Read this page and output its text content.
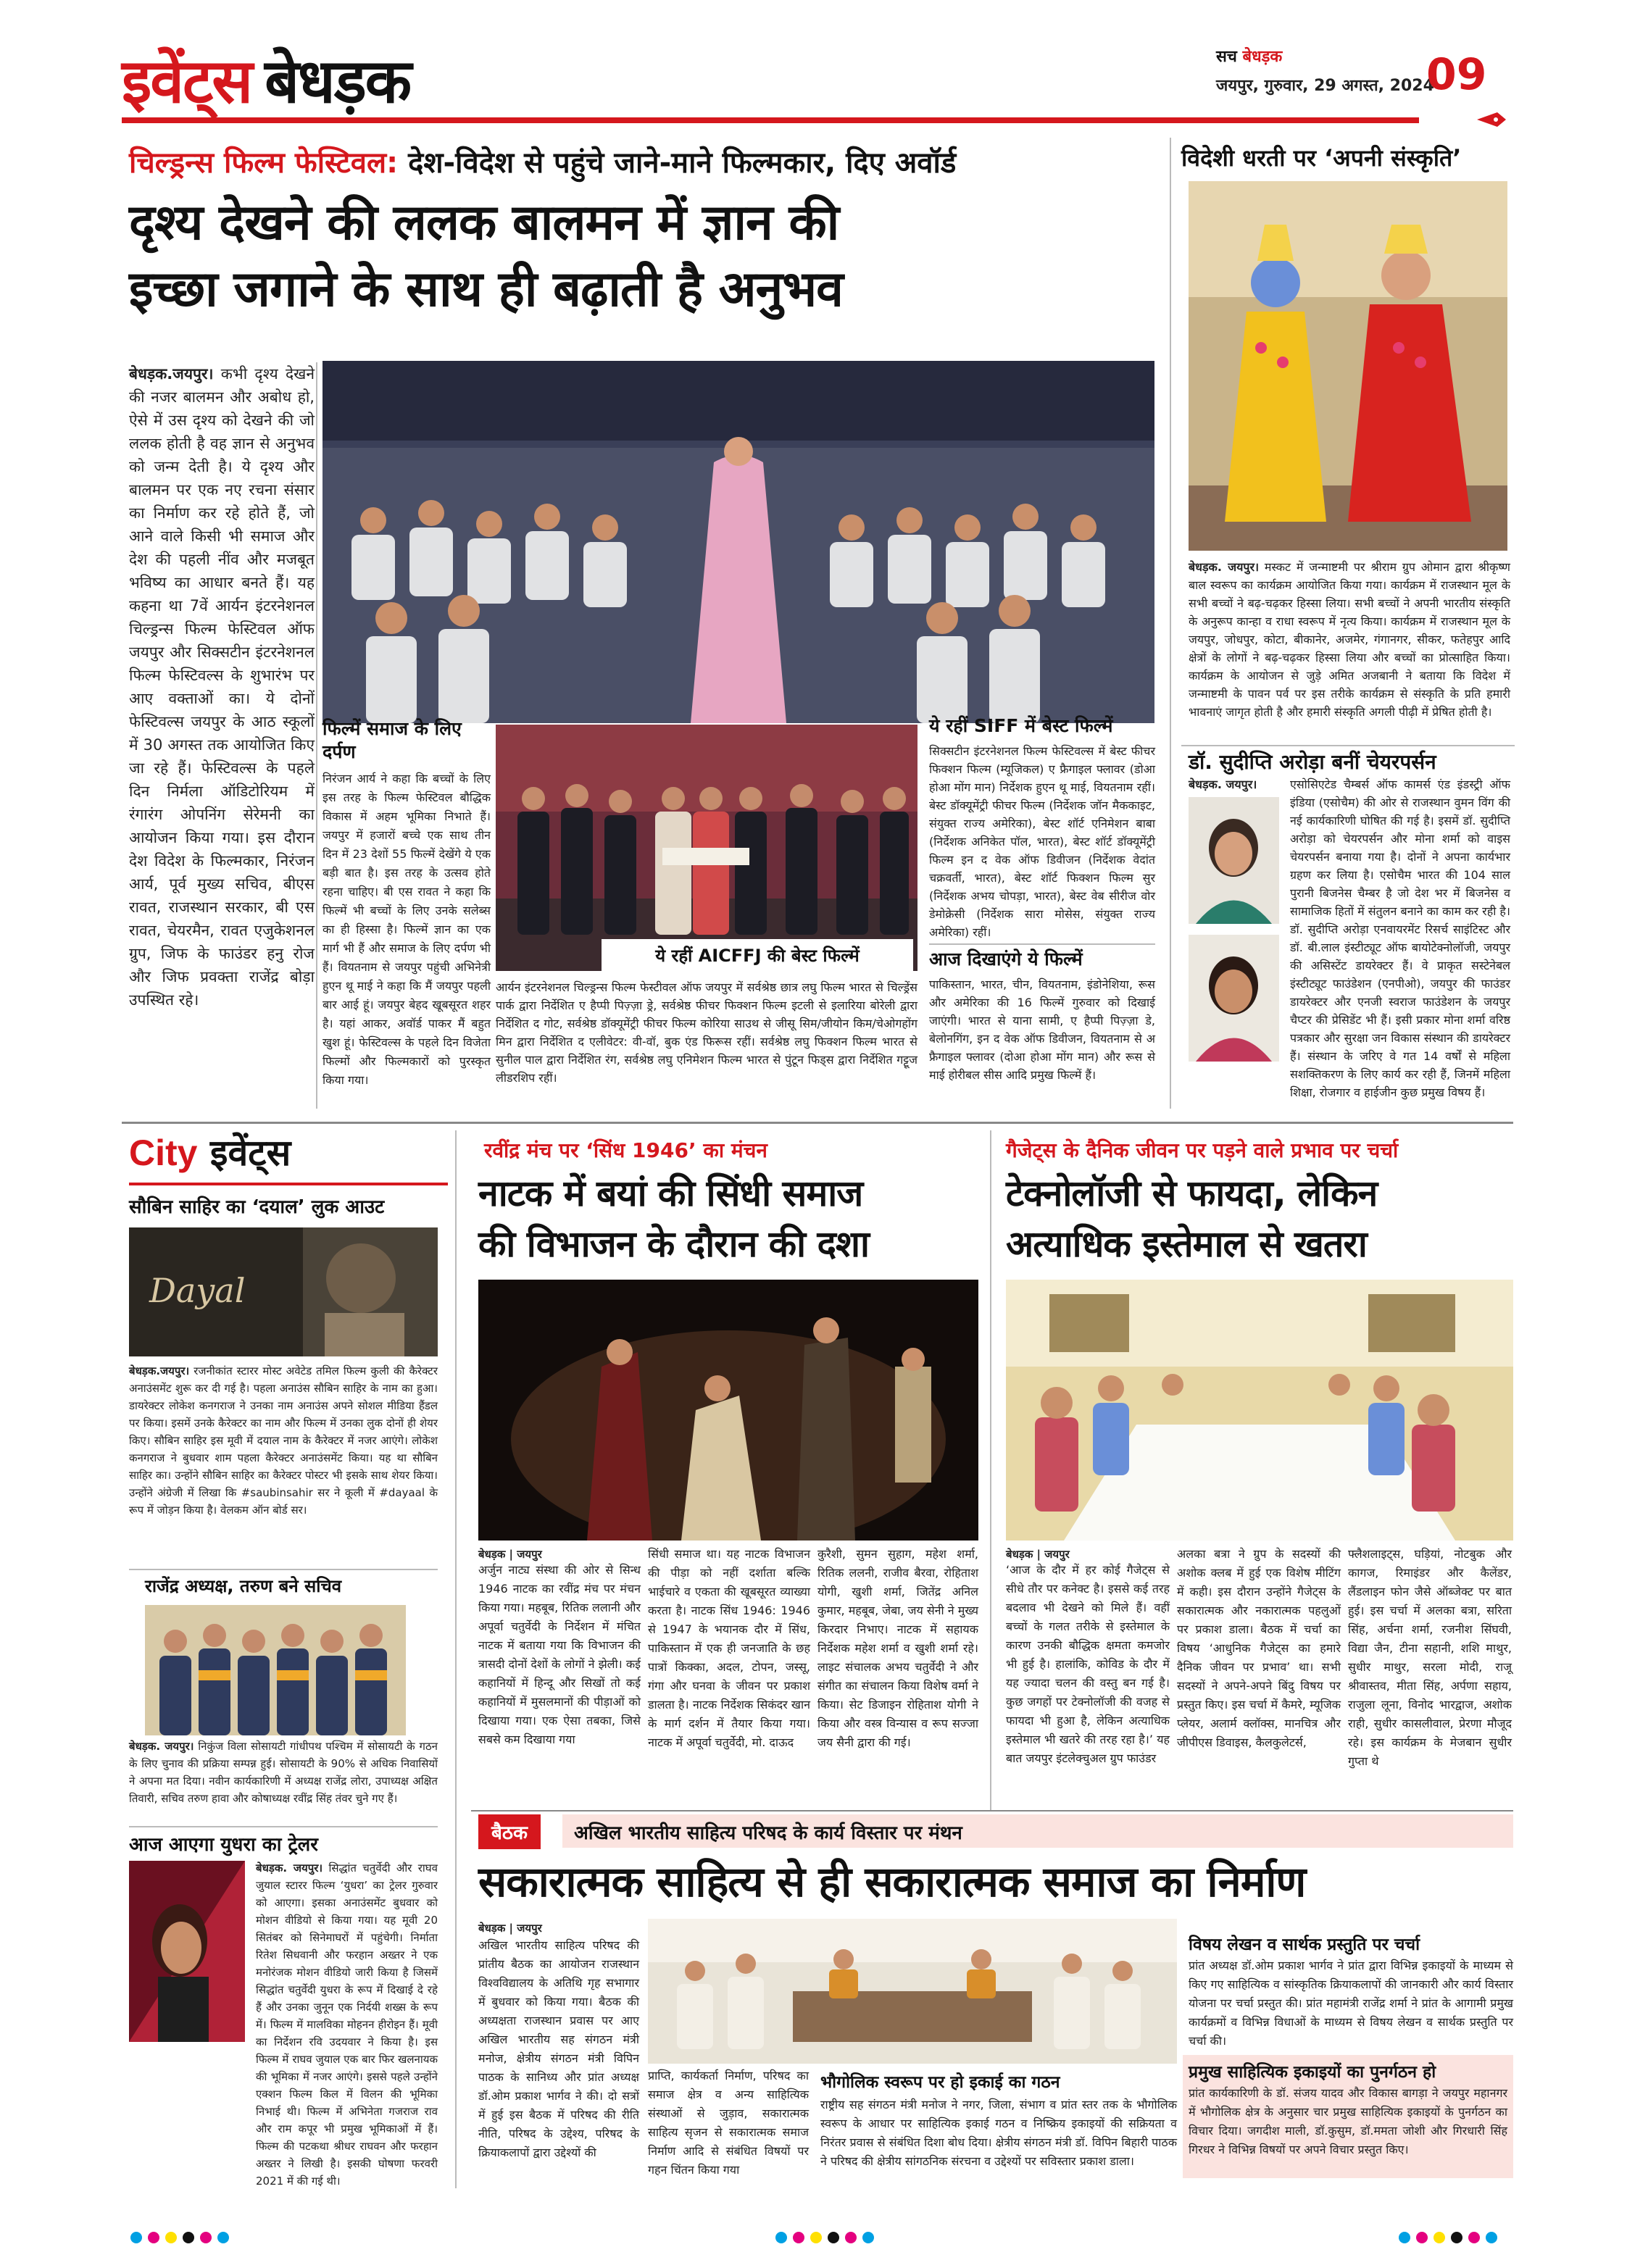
इवेंट्स बेधड़क	सच बेधड़क
जयपुर, गुरुवार, 29 अगस्त, 2024
09
चिल्ड्रन्स फिल्म फेस्टिवल: देश-विदेश से पहुंचे जाने-माने फिल्मकार, दिए अवॉर्ड
दृश्य देखने की ललक बालमन में ज्ञान की
इच्छा जगाने के साथ ही बढ़ाती है अनुभव
बेधड़क.जयपुर। कभी दृश्य देखने की नजर बालमन और अबोध हो, ऐसे में उस दृश्य को देखने की जो ललक होती है वह ज्ञान से अनुभव को जन्म देती है। ये दृश्य और बालमन पर एक नए रचना संसार का निर्माण कर रहे होते हैं, जो आने वाले किसी भी समाज और देश की पहली नींव और मजबूत भविष्य का आधार बनते हैं। यह कहना था 7वें आर्यन इंटरनेशनल चिल्ड्रन्स फिल्म फेस्टिवल ऑफ जयपुर और सिक्सटीन इंटरनेशनल फिल्म फेस्टिवल्स के शुभारंभ पर आए वक्ताओं का। ये दोनों फेस्टिवल्स जयपुर के आठ स्कूलों में 30 अगस्त तक आयोजित किए जा रहे हैं। फेस्टिवल्स के पहले दिन निर्मला ऑडिटोरियम में रंगारंग ओपनिंग सेरेमनी का आयोजन किया गया। इस दौरान देश विदेश के फिल्मकार, निरंजन आर्य, पूर्व मुख्य सचिव, बीएस रावत, राजस्थान सरकार, बी एस रावत, चेयरमैन, रावत एजुकेशनल ग्रुप, जिफ के फाउंडर हनु रोज और जिफ प्रवक्ता राजेंद्र बोड़ा उपस्थित रहे।
फिल्में समाज के लिए दर्पण
निरंजन आर्य ने कहा कि बच्चों के लिए इस तरह के फिल्म फेस्टिवल बौद्धिक विकास में अहम भूमिका निभाते हैं। जयपुर में हजारों बच्चे एक साथ तीन दिन में 23 देशों 55 फिल्में देखेंगे ये एक बड़ी बात है। इस तरह के उत्सव होते रहना चाहिए। बी एस रावत ने कहा कि फिल्में भी बच्चों के लिए उनके सलेब्स का ही हिस्सा है। फिल्में ज्ञान का एक मार्ग भी हैं और समाज के लिए दर्पण भी हैं। वियतनाम से जयपुर पहुंची अभिनेत्री हुएन थू माई ने कहा कि मैं जयपुर पहली बार आई हूं। जयपुर बेहद खूबसूरत शहर है। यहां आकर, अवॉर्ड पाकर मैं बहुत खुश हूं। फेस्टिवल्स के पहले दिन विजेता फिल्मों और फिल्मकारों को पुरस्कृत किया गया।
ये रहीं AICFFJ की बेस्ट फिल्में
आर्यन इंटरनेशनल चिल्ड्रन्स फिल्म फेस्टीवल ऑफ जयपुर में सर्वश्रेष्ठ छात्र लघु फिल्म भारत से चिल्ड्रेंस पार्क द्वारा निर्देशित ए हैप्पी पिज़्ज़ा ड्रे, सर्वश्रेष्ठ फीचर फिक्शन फिल्म इटली से इलारिया बोरेली द्वारा निर्देशित द गोट, सर्वश्रेष्ठ डॉक्यूमेंट्री फीचर फिल्म कोरिया साउथ से जीसू सिम/जीयोन किम/चेओगहोंग मिन द्वारा निर्देशित द एलीवेटर: वी-वॉ, बुक एंड फिरूस रहीं। सर्वश्रेष्ठ लघु फिक्शन फिल्म भारत से सुनील पाल द्वारा निर्देशित रंग, सर्वश्रेष्ठ लघु एनिमेशन फिल्म भारत से पुंटून फिड्स द्वारा निर्देशित गट्टूज लीडरशिप रहीं।
ये रहीं SIFF में बेस्ट फिल्में
सिक्सटीन इंटरनेशनल फिल्म फेस्टिवल्स में बेस्ट फीचर फिक्शन फिल्म (म्यूजिकल) ए फ्रैगाइल फ्लावर (डोआ होआ मोंग मान) निर्देशक हुएन थू माई, वियतनाम रहीं। बेस्ट डॉक्यूमेंट्री फीचर फिल्म (निर्देशक जॉन मैककाइट, संयुक्त राज्य अमेरिका), बेस्ट शॉर्ट एनिमेशन बाबा (निर्देशक अनिकेत पॉल, भारत), बेस्ट शॉर्ट डॉक्यूमेंट्री फिल्म इन द वेक ऑफ डिवीजन (निर्देशक वेदांत चक्रवर्ती, भारत), बेस्ट शॉर्ट फिक्शन फिल्म सुर (निर्देशक अभय चोपड़ा, भारत), बेस्ट वेब सीरीज वोर डेमोक्रेसी (निर्देशक सारा मोसेस, संयुक्त राज्य अमेरिका) रहीं।
आज दिखाएंगे ये फिल्में
पाकिस्तान, भारत, चीन, वियतनाम, इंडोनेशिया, रूस और अमेरिका की 16 फिल्में गुरुवार को दिखाई जाएंगी। भारत से याना सामी, ए हैप्पी पिज़्ज़ा डे, बेलोनगिंग, इन द वेक ऑफ डिवीजन, वियतनाम से अ फ्रैगाइल फ्लावर (दोआ होआ मोंग मान) और रूस से माई होरीबल सीस आदि प्रमुख फिल्में हैं।
विदेशी धरती पर ‘अपनी संस्कृति’
बेधड़क. जयपुर। मस्कट में जन्माष्टमी पर श्रीराम ग्रुप ओमान द्वारा श्रीकृष्ण बाल स्वरूप का कार्यक्रम आयोजित किया गया। कार्यक्रम में राजस्थान मूल के सभी बच्चों ने बढ़-चढ़कर हिस्सा लिया। सभी बच्चों ने अपनी भारतीय संस्कृति के अनुरूप कान्हा व राधा स्वरूप में नृत्य किया। कार्यक्रम में राजस्थान मूल के जयपुर, जोधपुर, कोटा, बीकानेर, अजमेर, गंगानगर, सीकर, फतेहपुर आदि क्षेत्रों के लोगों ने बढ़-चढ़कर हिस्सा लिया और बच्चों का प्रोत्साहित किया। कार्यक्रम के आयोजन से जुड़े अमित अजबानी ने बताया कि विदेश में जन्माष्टमी के पावन पर्व पर इस तरीके कार्यक्रम से संस्कृति के प्रति हमारी भावनाएं जागृत होती है और हमारी संस्कृति अगली पीढ़ी में प्रेषित होती है।
डॉ. सुदीप्ति अरोड़ा बनीं चेयरपर्सन
बेधड़क. जयपुर।	एसोसिएटेड चैम्बर्स ऑफ कामर्स एंड इंडस्ट्री ऑफ इंडिया (एसोचैम) की ओर से राजस्थान वुमन विंग की नई कार्यकारिणी घोषित की गई है। इसमें डॉ. सुदीप्ति अरोड़ा को चेयरपर्सन और मोना शर्मा को वाइस चेयरपर्सन बनाया गया है। दोनों ने अपना कार्यभार ग्रहण कर लिया है। एसोचैम भारत की 104 साल पुरानी बिजनेस चैम्बर है जो देश भर में बिजनेस व सामाजिक हितों में संतुलन बनाने का काम कर रही है। डॉ. सुदीप्ति अरोड़ा एनवायरमेंट रिसर्च साइंटिस्ट और डॉ. बी.लाल इंस्टीट्यूट ऑफ बायोटेक्नोलॉजी, जयपुर की असिस्टेंट डायरेक्टर हैं। वे प्राकृत सस्टेनेबल इंस्टीट्यूट फाउंडेशन (एनपीओ), जयपुर की फाउंडर डायरेक्टर और एनजी स्वराज फाउंडेशन के जयपुर चैप्टर की प्रेसिडेंट भी हैं। इसी प्रकार मोना शर्मा वरिष्ठ पत्रकार और सुरक्षा जन विकास संस्थान की डायरेक्टर हैं। संस्थान के जरिए वे गत 14 वर्षों से महिला सशक्तिकरण के लिए कार्य कर रही हैं, जिनमें महिला शिक्षा, रोजगार व हाईजीन कुछ प्रमुख विषय हैं।
City इवेंट्स
सौबिन साहिर का ‘दयाल’ लुक आउट
Dayal
बेधड़क.जयपुर। रजनीकांत स्टारर मोस्ट अवेटेड तमिल फिल्म कुली की कैरेक्टर अनाउंसमेंट शुरू कर दी गई है। पहला अनाउंस सौबिन साहिर के नाम का हुआ। डायरेक्टर लोकेश कनगराज ने उनका नाम अनाउंस अपने सोशल मीडिया हैंडल पर किया। इसमें उनके कैरेक्टर का नाम और फिल्म में उनका लुक दोनों ही शेयर किए। सौबिन साहिर इस मूवी में दयाल नाम के कैरेक्टर में नजर आएंगे। लोकेश कनगराज ने बुधवार शाम पहला कैरेक्टर अनाउंसमेंट किया। यह था सौबिन साहिर का। उन्होंने सौबिन साहिर का कैरेक्टर पोस्टर भी इसके साथ शेयर किया। उन्होंने अंग्रेजी में लिखा कि #saubinsahir सर ने कूली में #dayaal के रूप में जोड़न किया है। वेलकम ऑन बोर्ड सर।
राजेंद्र अध्यक्ष, तरुण बने सचिव
बेधड़क. जयपुर। निकुंज विला सोसायटी गांधीपथ पश्चिम में सोसायटी के गठन के लिए चुनाव की प्रक्रिया सम्पन्न हुई। सोसायटी के 90% से अधिक निवासियों ने अपना मत दिया। नवीन कार्यकारिणी में अध्यक्ष राजेंद्र लोरा, उपाध्यक्ष अक्षित तिवारी, सचिव तरुण हावा और कोषाध्यक्ष रवींद्र सिंह तंवर चुने गए हैं।
आज आएगा युधरा का ट्रेलर
बेधड़क. जयपुर। सिद्धांत चतुर्वेदी और राघव जुयाल स्टारर फिल्म ‘युधरा’ का ट्रेलर गुरुवार को आएगा। इसका अनाउंसमेंट बुधवार को मोशन वीडियो से किया गया। यह मूवी 20 सितंबर को सिनेमाघरों में पहुंचेगी। निर्माता रितेश सिधवानी और फरहान अख्तर ने एक मनोरंजक मोशन वीडियो जारी किया है जिसमें सिद्धांत चतुर्वेदी युधरा के रूप में दिखाई दे रहे हैं और उनका जुनून एक निर्दयी शख्स के रूप में। फिल्म में मालविका मोहनन हीरोइन हैं। मूवी का निर्देशन रवि उदयवार ने किया है। इस फिल्म में राघव जुयाल एक बार फिर खलनायक की भूमिका में नजर आएंगे। इससे पहले उन्होंने एक्शन फिल्म किल में विलन की भूमिका निभाई थी। फिल्म में अभिनेता गजराज राव और राम कपूर भी प्रमुख भूमिकाओं में हैं। फिल्म की पटकथा श्रीधर राघवन और फरहान अख्तर ने लिखी है। इसकी घोषणा फरवरी 2021 में की गई थी।
रवींद्र मंच पर ‘सिंध 1946’ का मंचन
नाटक में बयां की सिंधी समाज
की विभाजन के दौरान की दशा
बेधड़क | जयपुर
अर्जुन नाट्य संस्था की ओर से सिन्ध 1946 नाटक का रवींद्र मंच पर मंचन किया गया। महबूब, रितिक ललानी और अपूर्वा चतुर्वेदी के निर्देशन में मंचित नाटक में बताया गया कि विभाजन की त्रासदी दोनों देशों के लोगों ने झेली। कई कहानियों में हिन्दू और सिखों तो कई कहानियों में मुसलमानों की पीड़ाओं को दिखाया गया। एक ऐसा तबका, जिसे सबसे कम दिखाया गया
सिंधी समाज था। यह नाटक विभाजन की पीड़ा को नहीं दर्शाता बल्कि भाईचारे व एकता की खूबसूरत व्याख्या करता है। नाटक सिंध 1946: 1946 से 1947 के भयानक दौर में सिंध, पाकिस्तान में एक ही जनजाति के छह पात्रों किक्का, अदल, टोपन, जस्सू, गंगा और घनवा के जीवन पर प्रकाश डालता है। नाटक निर्देशक सिकंदर खान के मार्ग दर्शन में तैयार किया गया। नाटक में अपूर्वा चतुर्वेदी, मो. दाऊद
कुरैशी, सुमन सुहाग, महेश शर्मा, रितिक ललनी, राजीव बैरवा, रोहिताश योगी, खुशी शर्मा, जितेंद्र अनिल कुमार, महबूब, जेबा, जय सेनी ने मुख्य किरदार निभाए। नाटक में सहायक निर्देशक महेश शर्मा व खुशी शर्मा रहे। लाइट संचालक अभय चतुर्वेदी ने और संगीत का संचालन किया विशेष वर्मा ने किया। सेट डिजाइन रोहिताश योगी ने किया और वस्त्र विन्यास व रूप सज्जा जय सैनी द्वारा की गई।
गैजेट्स के दैनिक जीवन पर पड़ने वाले प्रभाव पर चर्चा
टेक्नोलॉजी से फायदा, लेकिन
अत्याधिक इस्तेमाल से खतरा
बेधड़क | जयपुर
‘आज के दौर में हर कोई गैजेट्स से सीधे तौर पर कनेक्ट है। इससे कई तरह बदलाव भी देखने को मिले हैं। वहीं बच्चों के गलत तरीके से इस्तेमाल के कारण उनकी बौद्धिक क्षमता कमजोर भी हुई है। हालांकि, कोविड के दौर में यह ज्यादा चलन की वस्तु बन गई है। कुछ जगहों पर टेक्नोलॉजी की वजह से फायदा भी हुआ है, लेकिन अत्याधिक इस्तेमाल भी खतरे की तरह रहा है।’ यह बात जयपुर इंटलेक्चुअल ग्रुप फाउंडर
अलका बत्रा ने ग्रुप के सदस्यों की अशोक क्लब में हुई एक विशेष मीटिंग में कही। इस दौरान उन्होंने गैजेट्स के सकारात्मक और नकारात्मक पहलुओं पर प्रकाश डाला। बैठक में चर्चा का विषय ‘आधुनिक गैजेट्स का हमारे दैनिक जीवन पर प्रभाव’ था। सभी सदस्यों ने अपने-अपने बिंदु विषय पर प्रस्तुत किए। इस चर्चा में कैमरे, म्यूजिक प्लेयर, अलार्म क्लॉक्स, मानचित्र और जीपीएस डिवाइस, कैलकुलेटर्स,
फ्लैशलाइट्स, घड़ियां, नोटबुक और कागज, रिमाइंडर और कैलेंडर, लैंडलाइन फोन जैसे ऑब्जेक्ट पर बात हुई। इस चर्चा में अलका बत्रा, सरिता सिंह, अर्चना शर्मा, रजनीश सिंघवी, विद्या जैन, टीना सहानी, शशि माथुर, सुधीर माथुर, सरला मोदी, राजू श्रीवास्तव, मीता सिंह, अर्पणा सहाय, राजुला लूना, विनोद भारद्वाज, अशोक राही, सुधीर कासलीवाल, प्रेरणा मौजूद रहे। इस कार्यक्रम के मेजबान सुधीर गुप्ता थे
बैठक	अखिल भारतीय साहित्य परिषद के कार्य विस्तार पर मंथन
सकारात्मक साहित्य से ही सकारात्मक समाज का निर्माण
बेधड़क | जयपुर
अखिल भारतीय साहित्य परिषद की प्रांतीय बैठक का आयोजन राजस्थान विश्वविद्यालय के अतिथि गृह सभागार में बुधवार को किया गया। बैठक की अध्यक्षता राजस्थान प्रवास पर आए अखिल भारतीय सह संगठन मंत्री मनोज, क्षेत्रीय संगठन मंत्री विपिन पाठक के सानिध्य और प्रांत अध्यक्ष डॉ.ओम प्रकाश भार्गव ने की। दो सत्रों में हुई इस बैठक में परिषद की रीति नीति, परिषद के उद्देश्य, परिषद के क्रियाकलापों द्वारा उद्देश्यों की
प्राप्ति, कार्यकर्ता निर्माण, परिषद का समाज क्षेत्र व अन्य साहित्यिक संस्थाओं से जुड़ाव, सकारात्मक साहित्य सृजन से सकारात्मक समाज निर्माण आदि से संबंधित विषयों पर गहन चिंतन किया गया
भौगोलिक स्वरूप पर हो इकाई का गठन
राष्ट्रीय सह संगठन मंत्री मनोज ने नगर, जिला, संभाग व प्रांत स्तर तक के भौगोलिक स्वरूप के आधार पर साहित्यिक इकाई गठन व निष्क्रिय इकाइयों की सक्रियता व निरंतर प्रवास से संबंधित दिशा बोध दिया। क्षेत्रीय संगठन मंत्री डॉ. विपिन बिहारी पाठक ने परिषद की क्षेत्रीय सांगठनिक संरचना व उद्देश्यों पर सविस्तार प्रकाश डाला।
विषय लेखन व सार्थक प्रस्तुति पर चर्चा
प्रांत अध्यक्ष डॉ.ओम प्रकाश भार्गव ने प्रांत द्वारा विभिन्न इकाइयों के माध्यम से किए गए साहित्यिक व सांस्कृतिक क्रियाकलापों की जानकारी और कार्य विस्तार योजना पर चर्चा प्रस्तुत की। प्रांत महामंत्री राजेंद्र शर्मा ने प्रांत के आगामी प्रमुख कार्यक्रमों व विभिन्न विधाओं के माध्यम से विषय लेखन व सार्थक प्रस्तुति पर चर्चा की।
प्रमुख साहित्यिक इकाइयों का पुनर्गठन हो
प्रांत कार्यकारिणी के डॉ. संजय यादव और विकास बागड़ा ने जयपुर महानगर में भौगोलिक क्षेत्र के अनुसार चार प्रमुख साहित्यिक इकाइयों के पुनर्गठन का विचार दिया। जगदीश माली, डॉ.कुसुम, डॉ.ममता जोशी और गिरधारी सिंह गिरधर ने विभिन्न विषयों पर अपने विचार प्रस्तुत किए।
